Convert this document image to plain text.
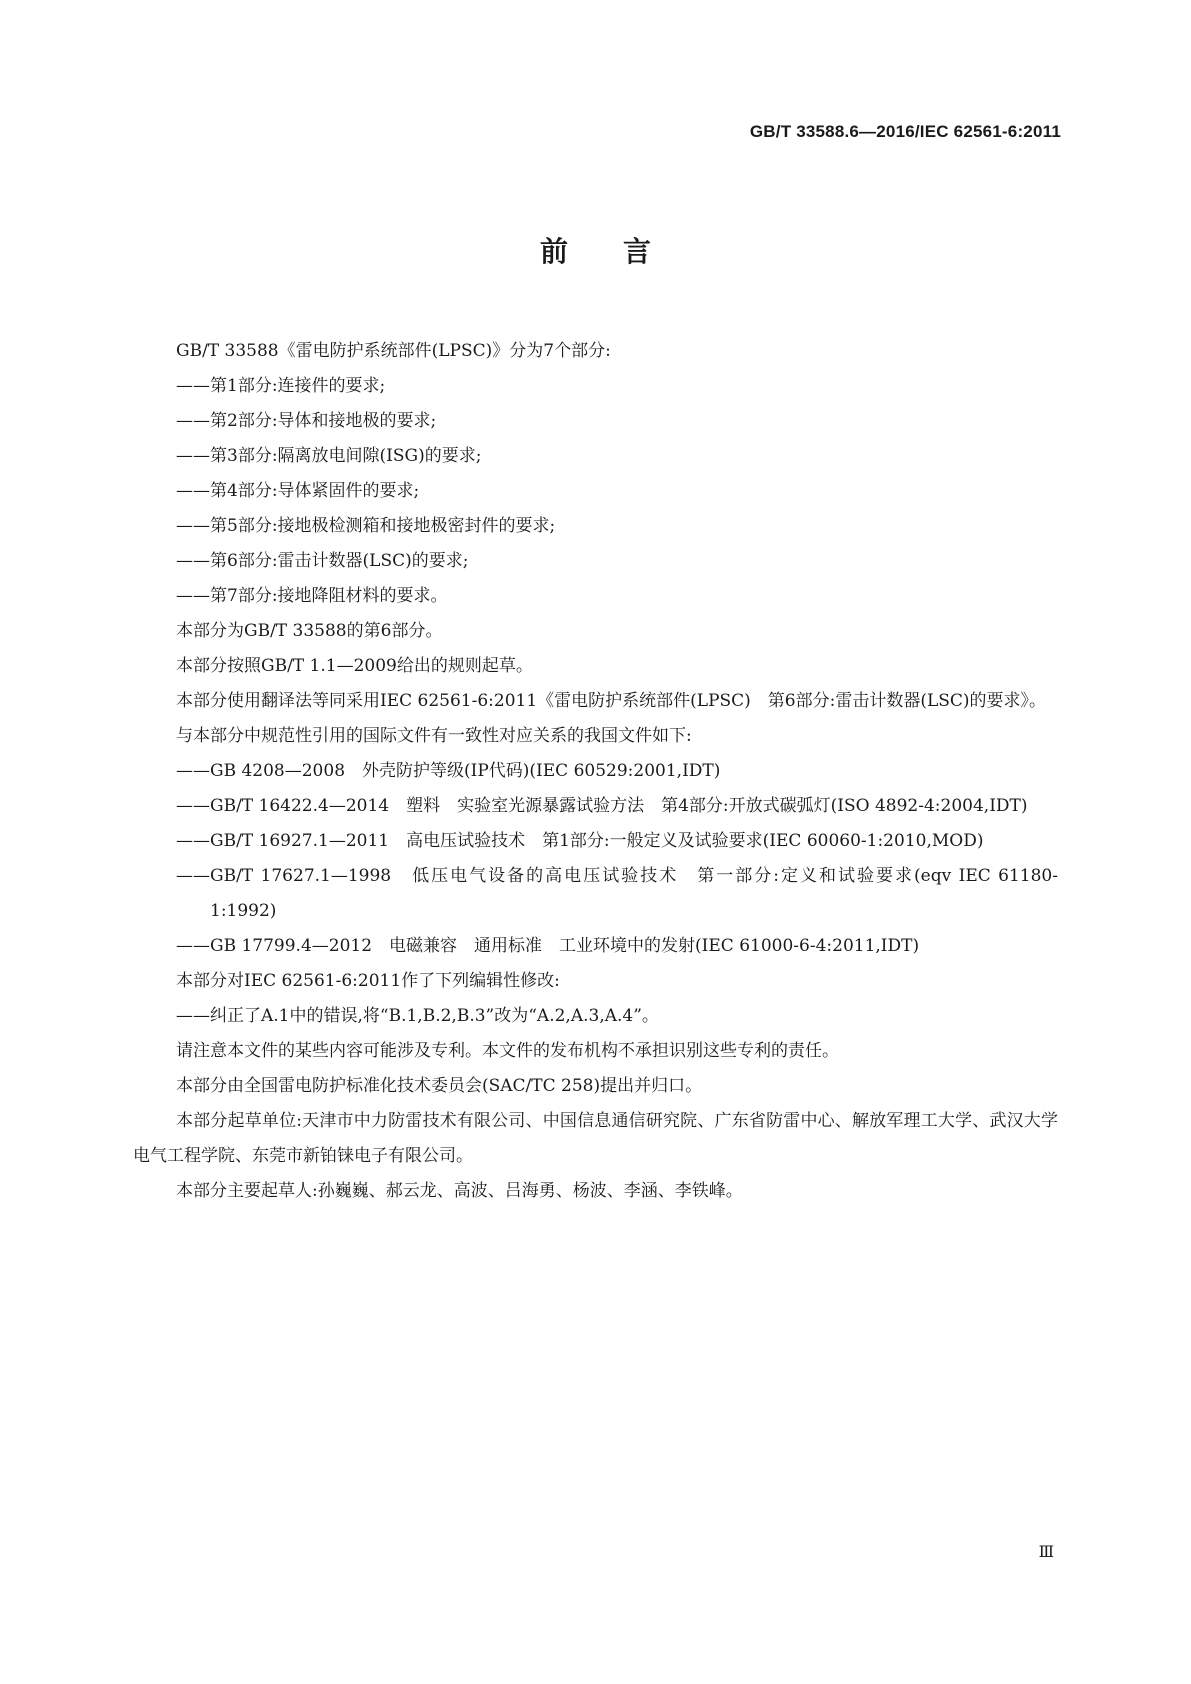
GB/T 33588.6—2016/IEC 62561-6:2011
前言

GB/T 33588《雷电防护系统部件(LPSC)》分为7个部分:

——第1部分:连接件的要求;

——第2部分:导体和接地极的要求;

——第3部分:隔离放电间隙(ISG)的要求;

——第4部分:导体紧固件的要求;

——第5部分:接地极检测箱和接地极密封件的要求;

——第6部分:雷击计数器(LSC)的要求;

——第7部分:接地降阻材料的要求。

本部分为GB/T 33588的第6部分。

本部分按照GB/T 1.1—2009给出的规则起草。

本部分使用翻译法等同采用IEC 62561-6:2011《雷电防护系统部件(LPSC)　第6部分:雷击计数器(LSC)的要求》。

与本部分中规范性引用的国际文件有一致性对应关系的我国文件如下:

——GB 4208—2008　外壳防护等级(IP代码)(IEC 60529:2001,IDT)

——GB/T 16422.4—2014　塑料　实验室光源暴露试验方法　第4部分:开放式碳弧灯(ISO 4892-4:2004,IDT)

——GB/T 16927.1—2011　高电压试验技术　第1部分:一般定义及试验要求(IEC 60060-1:2010,MOD)

——GB/T 17627.1—1998　低压电气设备的高电压试验技术　第一部分:定义和试验要求(eqv IEC 61180-1:1992)

——GB 17799.4—2012　电磁兼容　通用标准　工业环境中的发射(IEC 61000-6-4:2011,IDT)

本部分对IEC 62561-6:2011作了下列编辑性修改:

——纠正了A.1中的错误,将“B.1,B.2,B.3”改为“A.2,A.3,A.4”。

请注意本文件的某些内容可能涉及专利。本文件的发布机构不承担识别这些专利的责任。

本部分由全国雷电防护标准化技术委员会(SAC/TC 258)提出并归口。

本部分起草单位:天津市中力防雷技术有限公司、中国信息通信研究院、广东省防雷中心、解放军理工大学、武汉大学电气工程学院、东莞市新铂铼电子有限公司。

本部分主要起草人:孙巍巍、郝云龙、高波、吕海勇、杨波、李涵、李铁峰。

Ⅲ
